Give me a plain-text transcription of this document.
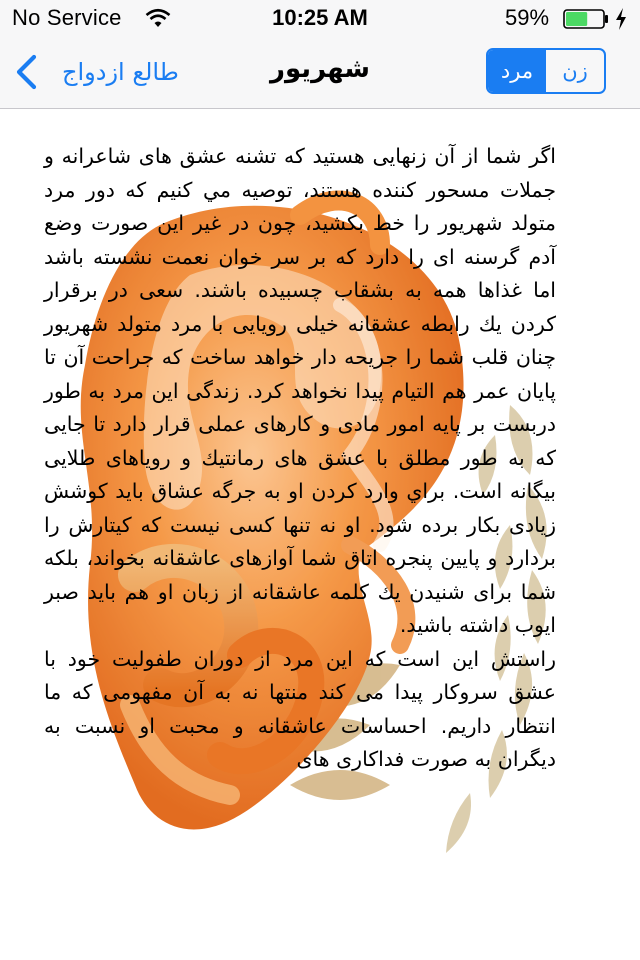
No Service	10:25 AM	59%
طالع ازدواج	شهریور	مرد	زن

اگر شما از آن زنهایی هستید که تشنه عشق های شاعرانه و جملات مسحور کننده هستند، توصیه مي کنیم که دور مرد متولد شهریور را خط بکشید، چون در غیر این صورت وضع آدم گرسنه ای را دارد که بر سر خوان نعمت نشسته باشد اما غذاها همه به بشقاب چسبیده باشند. سعی در برقرار کردن یك رابطه عشقانه خیلی رویایی با مرد متولد شهریور چنان قلب شما را جریحه دار خواهد ساخت که جراحت آن تا پایان عمر هم التیام پیدا نخواهد کرد. زندگی این مرد به طور دربست بر پایه امور مادی و کارهای عملی قرار دارد تا جایی که به طور مطلق با عشق های رمانتیك و رویاهای طلایی بیگانه است. براي وارد کردن او به جرگه عشاق باید کوشش زیادی بکار برده شود. او نه تنها کسی نیست که کیتارش را بردارد و پایین پنجره اتاق شما آوازهای عاشقانه بخواند، بلکه شما برای شنیدن یك کلمه عاشقانه از زبان او هم باید صبر ایوب داشته باشید.

راستش این است که این مرد از دوران طفولیت خود با عشق سروکار پیدا می کند منتها نه به آن مفهومی که ما انتظار داریم. احساسات عاشقانه و محبت او نسبت به دیگران به صورت فداکاری های
